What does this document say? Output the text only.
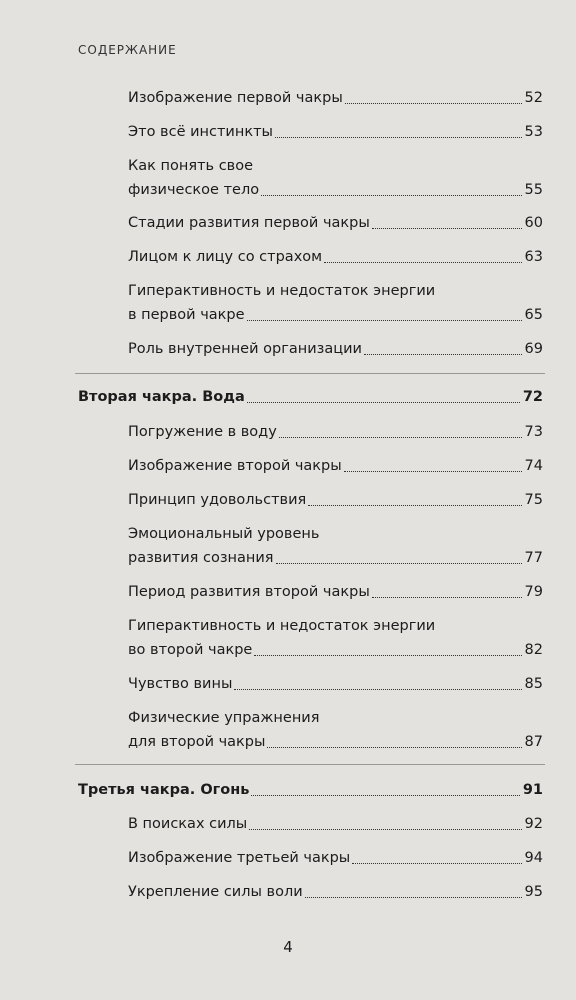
СОДЕРЖАНИЕ
Изображение первой чакры	52
Это всё инстинкты	53
Как понять свое
физическое тело	55
Стадии развития первой чакры	60
Лицом к лицу со страхом	63
Гиперактивность и недостаток энергии
в первой чакре	65
Роль внутренней организации	69
Вторая чакра. Вода	72
Погружение в воду	73
Изображение второй чакры	74
Принцип удовольствия	75
Эмоциональный уровень
развития сознания	77
Период развития второй чакры	79
Гиперактивность и недостаток энергии
во второй чакре	82
Чувство вины	85
Физические упражнения
для второй чакры	87
Третья чакра. Огонь	91
В поисках силы	92
Изображение третьей чакры	94
Укрепление силы воли	95
4
